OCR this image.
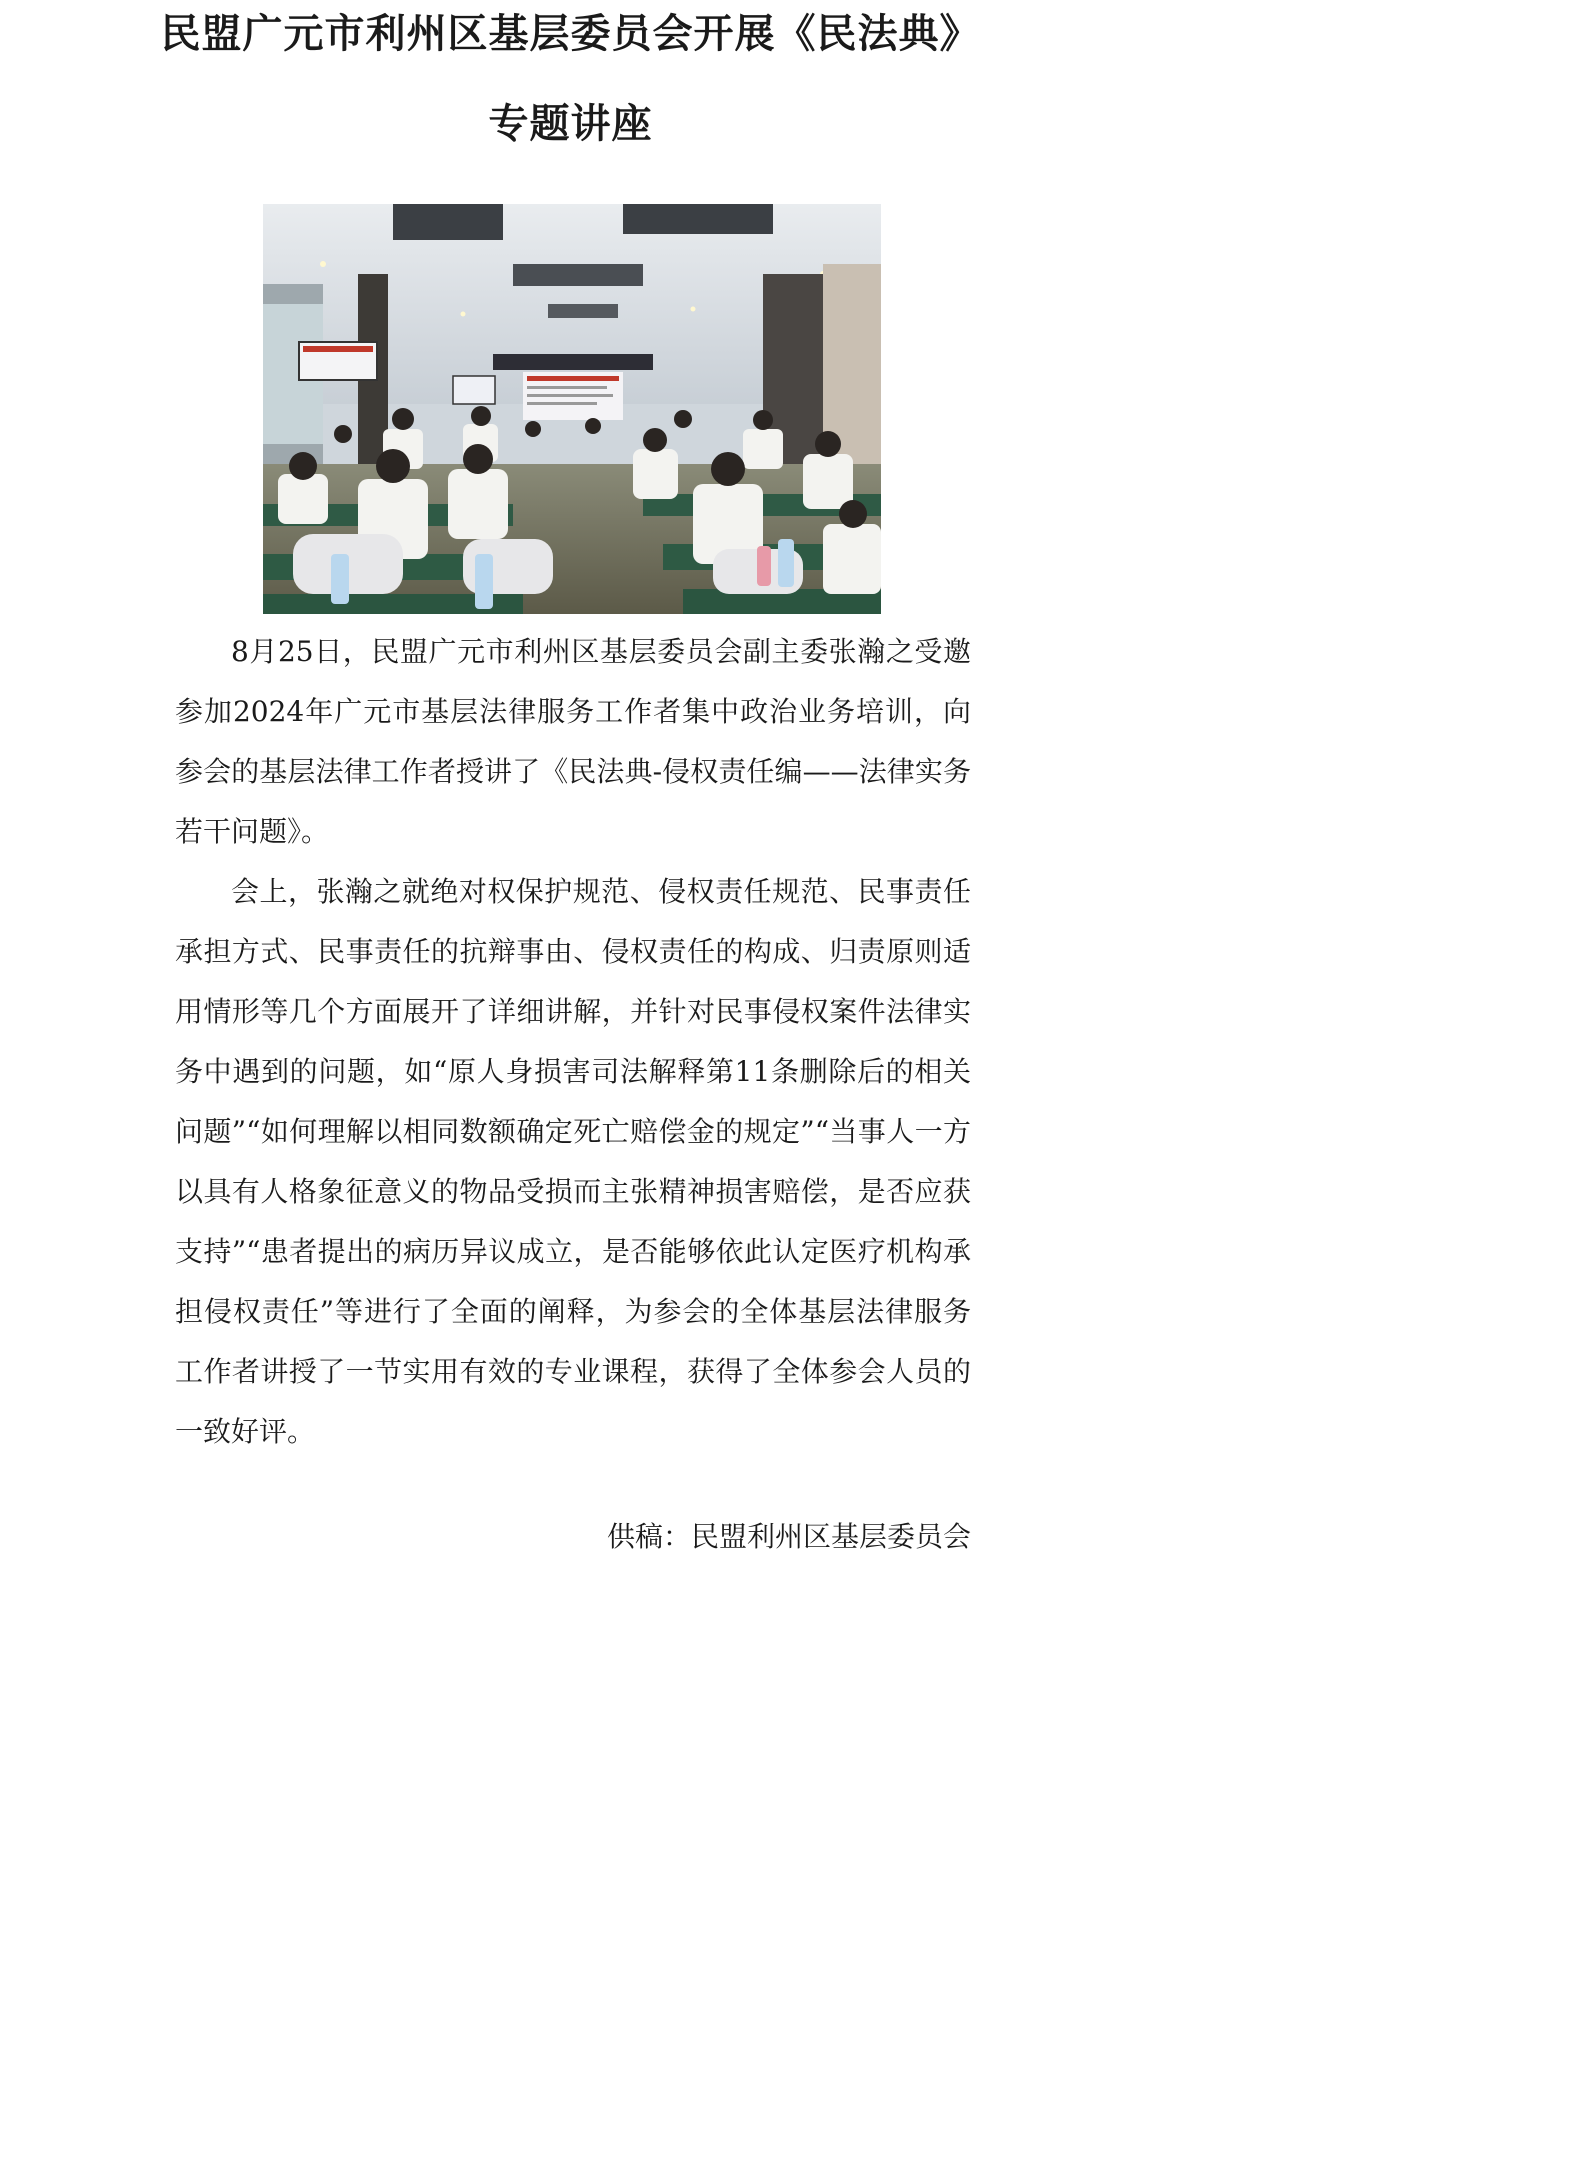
民盟广元市利州区基层委员会开展《民法典》
专题讲座

8月25日，民盟广元市利州区基层委员会副主委张瀚之受邀参加2024年广元市基层法律服务工作者集中政治业务培训，向参会的基层法律工作者授讲了《民法典-侵权责任编——法律实务若干问题》。

会上，张瀚之就绝对权保护规范、侵权责任规范、民事责任承担方式、民事责任的抗辩事由、侵权责任的构成、归责原则适用情形等几个方面展开了详细讲解，并针对民事侵权案件法律实务中遇到的问题，如“原人身损害司法解释第11条删除后的相关问题”“如何理解以相同数额确定死亡赔偿金的规定”“当事人一方以具有人格象征意义的物品受损而主张精神损害赔偿，是否应获支持”“患者提出的病历异议成立，是否能够依此认定医疗机构承担侵权责任”等进行了全面的阐释，为参会的全体基层法律服务工作者讲授了一节实用有效的专业课程，获得了全体参会人员的一致好评。

供稿：民盟利州区基层委员会
